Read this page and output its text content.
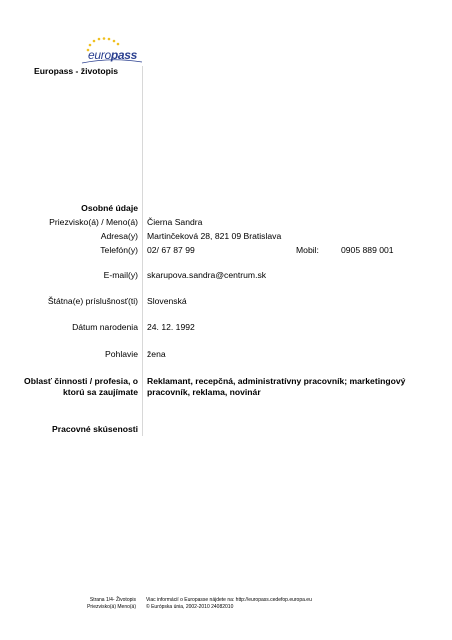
europass
Europass - životopis
Osobné údaje
Priezvisko(á) / Meno(á) Čierna Sandra
Adresa(y) Martinčeková 28, 821 09 Bratislava
Telefón(y) 02/ 67 87 99	Mobil:	0905 889 001
E-mail(y) skarupova.sandra@centrum.sk
Štátna(e) príslušnosť(ti) Slovenská
Dátum narodenia 24. 12. 1992
Pohlavie žena
Oblasť činnosti / profesia, o ktorú sa zaujímate
Reklamant, recepčná, administratívny pracovník; marketingový pracovník, reklama, novinár
Pracovné skúsenosti
Strana 1/4- Životopis
Priezvisko(á) Meno(á)
Viac informácií o Europasse nájdete na: http://europass.cedefop.europa.eu
© Európska únia, 2002-2010 24082010
